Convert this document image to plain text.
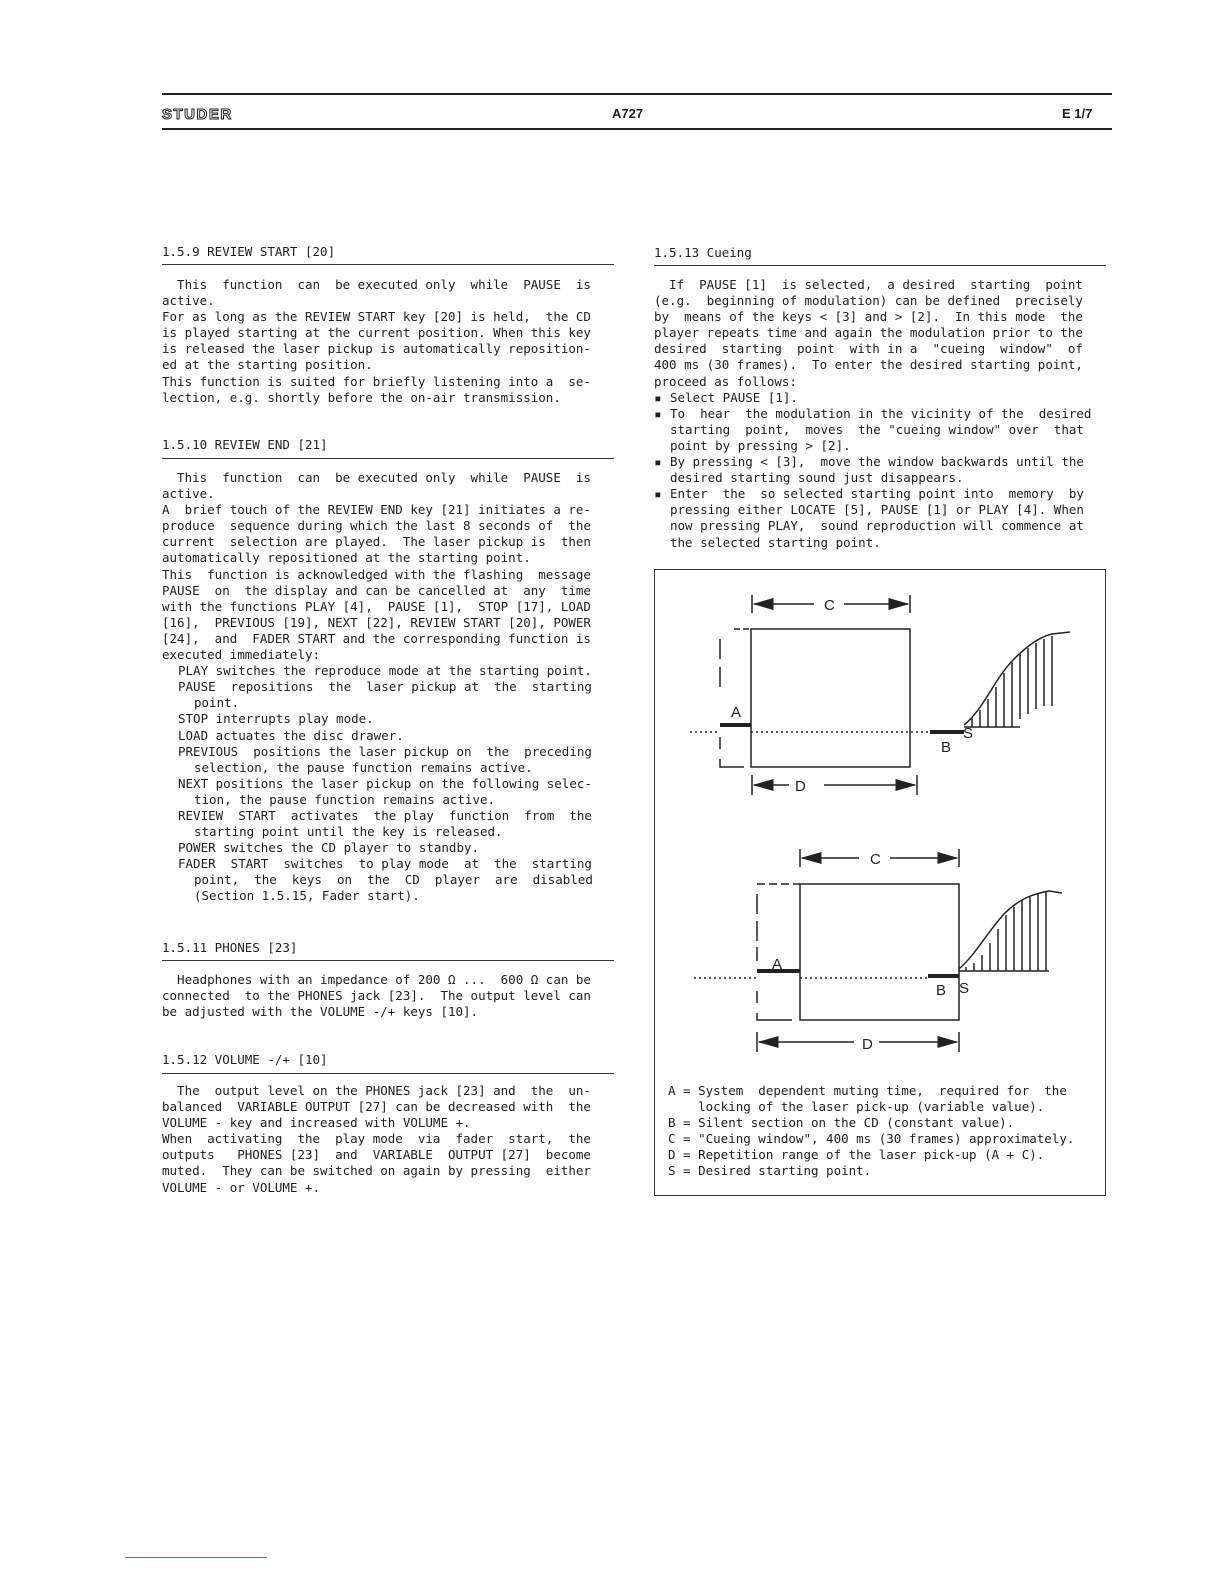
STUDER	A727	E 1/7
1.5.9 REVIEW START [20]

This  function  can  be executed only  while  PAUSE  is

active.

For as long as the REVIEW START key [20] is held,  the CD

is played starting at the current position. When this key

is released the laser pickup is automatically reposition-

ed at the starting position.

This function is suited for briefly listening into a  se-

lection, e.g. shortly before the on-air transmission.

1.5.10 REVIEW END [21]

This  function  can  be executed only  while  PAUSE  is

active.

A  brief touch of the REVIEW END key [21] initiates a re-

produce  sequence during which the last 8 seconds of  the

current  selection are played.  The laser pickup is  then

automatically repositioned at the starting point.

This  function is acknowledged with the flashing  message

PAUSE  on  the display and can be cancelled at  any  time

with the functions PLAY [4],  PAUSE [1],  STOP [17], LOAD

[16],  PREVIOUS [19], NEXT [22], REVIEW START [20], POWER

[24],  and  FADER START and the corresponding function is

executed immediately:

PLAY switches the reproduce mode at the starting point.

PAUSE  repositions  the  laser pickup at  the  starting

point.

STOP interrupts play mode.

LOAD actuates the disc drawer.

PREVIOUS  positions the laser pickup on  the  preceding

selection, the pause function remains active.

NEXT positions the laser pickup on the following selec-

tion, the pause function remains active.

REVIEW  START  activates  the play  function  from  the

starting point until the key is released.

POWER switches the CD player to standby.

FADER  START  switches  to play mode  at  the  starting

point,  the  keys  on  the  CD  player  are  disabled

(Section 1.5.15, Fader start).

1.5.11 PHONES [23]

Headphones with an impedance of 200 Ω ...  600 Ω can be

connected  to the PHONES jack [23].  The output level can

be adjusted with the VOLUME -/+ keys [10].

1.5.12 VOLUME -/+ [10]

The  output level on the PHONES jack [23] and  the  un-

balanced  VARIABLE OUTPUT [27] can be decreased with  the

VOLUME - key and increased with VOLUME +.

When  activating  the  play mode  via  fader  start,  the

outputs   PHONES [23]  and  VARIABLE  OUTPUT [27]  become

muted.  They can be switched on again by pressing  either

VOLUME - or VOLUME +.

1.5.13 Cueing

If  PAUSE [1]  is selected,  a desired  starting  point

(e.g.  beginning of modulation) can be defined  precisely

by  means of the keys < [3] and > [2].  In this mode  the

player repeats time and again the modulation prior to the

desired  starting  point  with in a  "cueing  window"  of

400 ms (30 frames).  To enter the desired starting point,

proceed as follows:

▪ Select PAUSE [1].

▪ To  hear  the modulation in the vicinity of the  desired

starting  point,  moves  the "cueing window" over  that

point by pressing > [2].

▪ By pressing < [3],  move the window backwards until the

desired starting sound just disappears.

▪ Enter  the  so selected starting point into  memory  by

pressing either LOCATE [5], PAUSE [1] or PLAY [4]. When

now pressing PLAY,  sound reproduction will commence at

the selected starting point.

C
A
B
S
D
C
A
B S
D

A = System  dependent muting time,  required for  the

locking of the laser pick-up (variable value).

B = Silent section on the CD (constant value).

C = "Cueing window", 400 ms (30 frames) approximately.

D = Repetition range of the laser pick-up (A + C).

S = Desired starting point.
